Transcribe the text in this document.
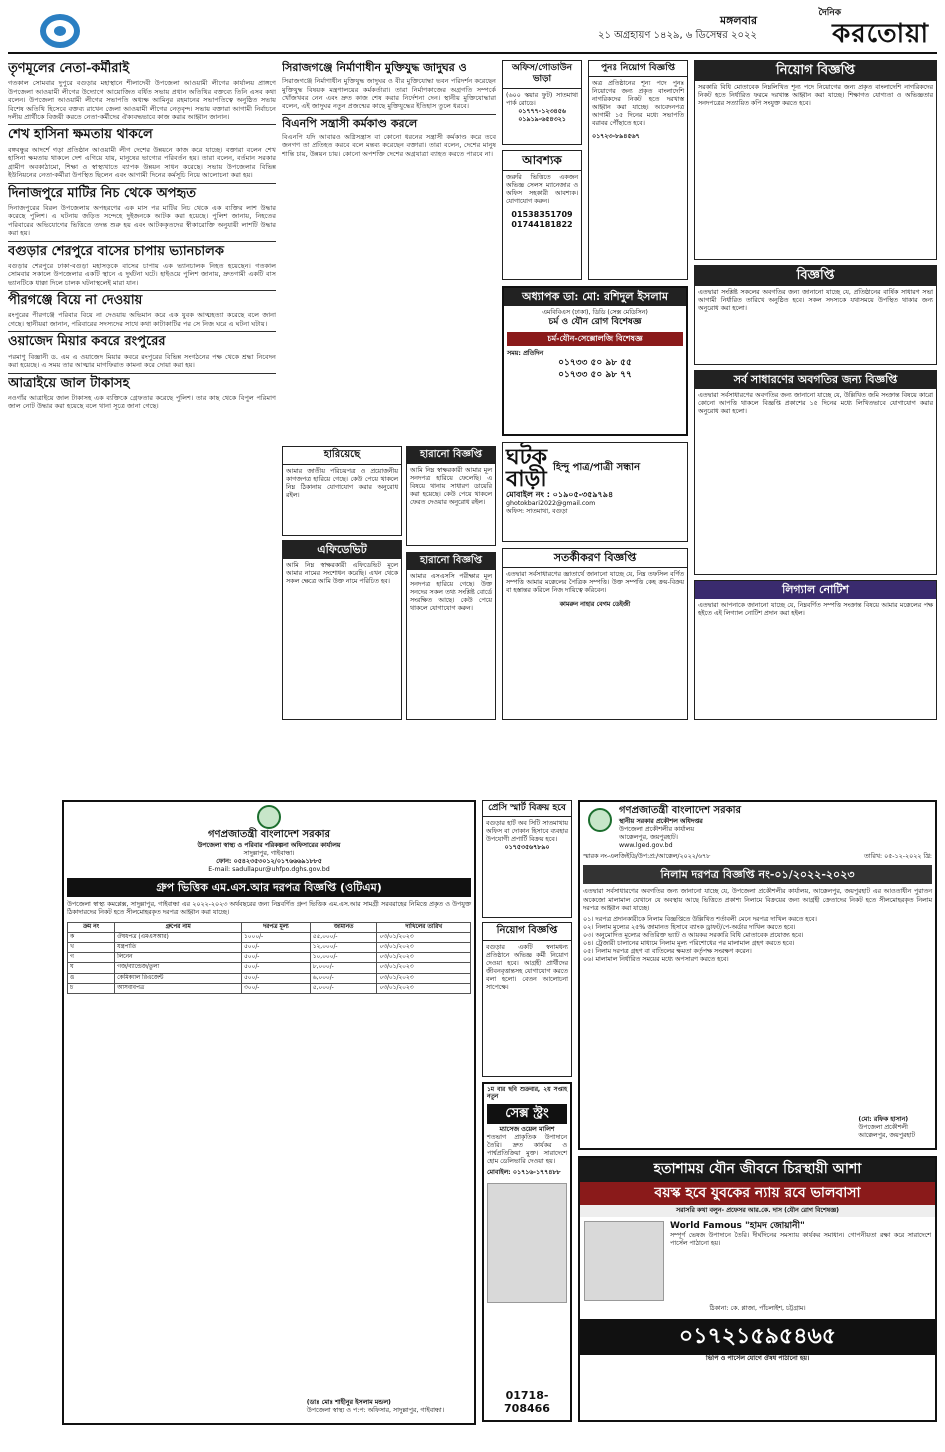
মঙ্গলবার
২১ অগ্রহায়ণ ১৪২৯, ৬ ডিসেম্বর ২০২২
দৈনিক
করতোয়া
তৃণমূলের নেতা-কর্মীরাই
গতকাল সোমবার দুপুরে বগুড়ার মহাস্থানে শীলাদেবী উপজেলা আওয়ামী লীগের কার্যালয় প্রাঙ্গণে উপজেলা আওয়ামী লীগের উদ্যোগে আয়োজিত বর্ধিত সভায় প্রধান অতিথির বক্তব্যে তিনি এসব কথা বলেন। উপজেলা আওয়ামী লীগের সভাপতি অধ্যক্ষ আমিনুর রহমানের সভাপতিত্বে অনুষ্ঠিত সভায় বিশেষ অতিথি হিসেবে বক্তব্য রাখেন জেলা আওয়ামী লীগের নেতৃবৃন্দ। সভায় বক্তারা আগামী নির্বাচনে দলীয় প্রার্থীকে বিজয়ী করতে নেতা-কর্মীদের ঐক্যবদ্ধভাবে কাজ করার আহ্বান জানান।
শেখ হাসিনা ক্ষমতায় থাকলে
বঙ্গবন্ধুর আদর্শে গড়া প্রতিষ্ঠান আওয়ামী লীগ দেশের উন্নয়নে কাজ করে যাচ্ছে। বক্তারা বলেন শেখ হাসিনা ক্ষমতায় থাকলে দেশ এগিয়ে যায়, মানুষের ভাগ্যের পরিবর্তন হয়। তারা বলেন, বর্তমান সরকার গ্রামীণ অবকাঠামো, শিক্ষা ও স্বাস্থ্যখাতে ব্যাপক উন্নয়ন সাধন করেছে। সভায় উপজেলার বিভিন্ন ইউনিয়নের নেতা-কর্মীরা উপস্থিত ছিলেন এবং আগামী দিনের কর্মসূচি নিয়ে আলোচনা করা হয়।
দিনাজপুরে মাটির নিচ থেকে অপহৃত
দিনাজপুরের বিরল উপজেলায় অপহরণের এক মাস পর মাটির নিচ থেকে এক ব্যক্তির লাশ উদ্ধার করেছে পুলিশ। এ ঘটনায় জড়িত সন্দেহে দুইজনকে আটক করা হয়েছে। পুলিশ জানায়, নিহতের পরিবারের অভিযোগের ভিত্তিতে তদন্ত শুরু হয় এবং আটককৃতদের স্বীকারোক্তি অনুযায়ী লাশটি উদ্ধার করা হয়।
বগুড়ার শেরপুরে বাসের চাপায় ভ্যানচালক
বগুড়ার শেরপুরে ঢাকা-বগুড়া মহাসড়কে বাসের চাপায় এক ভ্যানচালক নিহত হয়েছেন। গতকাল সোমবার সকালে উপজেলার একটি স্থানে এ দুর্ঘটনা ঘটে। হাইওয়ে পুলিশ জানায়, দ্রুতগামী একটি বাস ভ্যানটিকে ধাক্কা দিলে চালক ঘটনাস্থলেই মারা যান।
পীরগঞ্জে বিয়ে না দেওয়ায়
রংপুরের পীরগঞ্জে পরিবার বিয়ে না দেওয়ায় অভিমান করে এক যুবক আত্মহত্যা করেছে বলে জানা গেছে। স্থানীয়রা জানান, পরিবারের সদস্যদের সাথে কথা কাটাকাটির পর সে নিজ ঘরে এ ঘটনা ঘটায়।
ওয়াজেদ মিয়ার কবরে রংপুরের
পরমাণু বিজ্ঞানী ড. এম এ ওয়াজেদ মিয়ার কবরে রংপুরের বিভিন্ন সংগঠনের পক্ষ থেকে শ্রদ্ধা নিবেদন করা হয়েছে। এ সময় তার আত্মার মাগফিরাত কামনা করে দোয়া করা হয়।
আত্রাইয়ে জাল টাকাসহ
নওগাঁর আত্রাইয়ে জাল টাকাসহ এক ব্যক্তিকে গ্রেফতার করেছে পুলিশ। তার কাছ থেকে বিপুল পরিমাণ জাল নোট উদ্ধার করা হয়েছে বলে থানা সূত্রে জানা গেছে।
সিরাজগঞ্জে নির্মাণাধীন মুক্তিযুদ্ধ জাদুঘর ও
সিরাজগঞ্জে নির্মাণাধীন মুক্তিযুদ্ধ জাদুঘর ও বীর মুক্তিযোদ্ধা ভবন পরিদর্শন করেছেন মুক্তিযুদ্ধ বিষয়ক মন্ত্রণালয়ের কর্মকর্তারা। তারা নির্মাণকাজের অগ্রগতি সম্পর্কে খোঁজখবর নেন এবং দ্রুত কাজ শেষ করার নির্দেশনা দেন। স্থানীয় মুক্তিযোদ্ধারা বলেন, এই জাদুঘর নতুন প্রজন্মের কাছে মুক্তিযুদ্ধের ইতিহাস তুলে ধরবে।
বিএনপি সন্ত্রাসী কর্মকাণ্ড করলে
বিএনপি যদি আবারও অগ্নিসন্ত্রাস বা কোনো ধরনের সন্ত্রাসী কর্মকাণ্ড করে তবে জনগণ তা প্রতিহত করবে বলে মন্তব্য করেছেন বক্তারা। তারা বলেন, দেশের মানুষ শান্তি চায়, উন্নয়ন চায়। কোনো অপশক্তি দেশের অগ্রযাত্রা ব্যাহত করতে পারবে না।
অফিস/গোডাউন ভাড়া
(৬০০ স্কয়ার ফুট) সাতমাথা পার্ক রোডে।
০১৭৭৭-১২৩৪৫৬
০১৯১৯-৬৫৪৩২১
আবশ্যক
জরুরি ভিত্তিতে একজন অভিজ্ঞ সেলস ম্যানেজার ও অফিস সহকারী আবশ্যক। যোগাযোগ করুন।
01538351709
01744181822
পুনঃ নিয়োগ বিজ্ঞপ্তি
অত্র প্রতিষ্ঠানের শূন্য পদে পুনঃ নিয়োগের জন্য প্রকৃত বাংলাদেশি নাগরিকদের নিকট হতে দরখাস্ত আহ্বান করা যাচ্ছে। আবেদনপত্র আগামী ১৫ দিনের মধ্যে সভাপতি বরাবর পৌঁছাতে হবে।
০১৭২৩-৮৯৪৫৬৭
নিয়োগ বিজ্ঞপ্তি
সরকারি বিধি মোতাবেক নিম্নলিখিত শূন্য পদে নিয়োগের জন্য প্রকৃত বাংলাদেশি নাগরিকদের নিকট হতে নির্ধারিত ফরমে দরখাস্ত আহ্বান করা যাচ্ছে। শিক্ষাগত যোগ্যতা ও অভিজ্ঞতার সনদপত্রের সত্যায়িত কপি সংযুক্ত করতে হবে।
বিজ্ঞপ্তি
এতদ্বারা সংশ্লিষ্ট সকলের অবগতির জন্য জানানো যাচ্ছে যে, প্রতিষ্ঠানের বার্ষিক সাধারণ সভা আগামী নির্ধারিত তারিখে অনুষ্ঠিত হবে। সকল সদস্যকে যথাসময়ে উপস্থিত থাকার জন্য অনুরোধ করা হলো।
অধ্যাপক ডা: মো: রশিদুল ইসলাম
এমবিবিএস (ঢাকা), ডিডি (সেক্স মেডিসিন)
চর্ম ও যৌন রোগ বিশেষজ্ঞ
চর্ম-যৌন-সেক্সোলজি বিশেষজ্ঞ
সময়: প্রতিদিন
০১৭৩৩ ৫০ ৯৮ ৫৫
০১৭৩৩ ৫০ ৯৮ ৭৭	সর্ব সাধারণের অবগতির জন্য বিজ্ঞপ্তি
এতদ্বারা সর্বসাধারণের অবগতির জন্য জানানো যাচ্ছে যে, উল্লিখিত জমি সংক্রান্ত বিষয়ে কারো কোনো আপত্তি থাকলে বিজ্ঞপ্তি প্রকাশের ১৫ দিনের মধ্যে লিখিতভাবে যোগাযোগ করার অনুরোধ করা হলো।
ঘটক
বাড়ী হিন্দু পাত্র/পাত্রী সন্ধান
মোবাইল নং : ০১৯০৫-৩৫৯৭৯৪
ghotokbari2022@gmail.com
অফিস: সাতমাথা, বগুড়া
হারিয়েছে
আমার জাতীয় পরিচয়পত্র ও প্রয়োজনীয় কাগজপত্র হারিয়ে গেছে। কেউ পেয়ে থাকলে নিম্ন ঠিকানায় যোগাযোগ করার অনুরোধ রইল।
হারানো বিজ্ঞপ্তি
আমি নিম্ন স্বাক্ষরকারী আমার মূল সনদপত্র হারিয়ে ফেলেছি। এ বিষয়ে থানায় সাধারণ ডায়েরি করা হয়েছে। কেউ পেয়ে থাকলে ফেরত দেওয়ার অনুরোধ রইল।
এফিডেভিট
আমি নিম্ন স্বাক্ষরকারী এফিডেভিট মূলে আমার নামের সংশোধন করেছি। এখন থেকে সকল ক্ষেত্রে আমি উক্ত নামে পরিচিত হব।
হারানো বিজ্ঞপ্তি
আমার এসএসসি পরীক্ষার মূল সনদপত্র হারিয়ে গেছে। উক্ত সনদের সকল তথ্য সংশ্লিষ্ট বোর্ডে সংরক্ষিত আছে। কেউ পেয়ে থাকলে যোগাযোগ করুন।
সতর্কীকরণ বিজ্ঞপ্তি
এতদ্বারা সর্বসাধারণের জ্ঞাতার্থে জানানো যাচ্ছে যে, নিম্ন তফসিল বর্ণিত সম্পত্তি আমার মক্কেলের পৈত্রিক সম্পত্তি। উক্ত সম্পত্তি কেহ ক্রয়-বিক্রয় বা হস্তান্তর করিলে নিজ দায়িত্বে করিবেন।
কামরুন নাহার বেগম ডেইজী
লিগ্যাল নোটিশ
এতদ্বারা আপনাকে জানানো যাচ্ছে যে, নিম্নবর্ণিত সম্পত্তি সংক্রান্ত বিষয়ে আমার মক্কেলের পক্ষ হইতে এই লিগ্যাল নোটিশ প্রদান করা হইল।
গণপ্রজাতন্ত্রী বাংলাদেশ সরকার
উপজেলা স্বাস্থ্য ও পরিবার পরিকল্পনা অফিসারের কার্যালয়
সাদুল্লাপুর, গাইবান্ধা।
ফোন: ০৫৪২৩৫৩০১২/০১৭৬৬৬৯১৮৮৫
E-mail: sadullapur@uhfpo.dghs.gov.bd
গ্রুপ ভিত্তিক এম.এস.আর দরপত্র বিজ্ঞপ্তি (ওটিএম)
উপজেলা স্বাস্থ্য কমপ্লেক্স, সাদুল্লাপুর, গাইবান্ধা এর ২০২২-২০২৩ অর্থবছরের জন্য নিম্নবর্ণিত গ্রুপ ভিত্তিক এম.এস.আর সামগ্রী সরবরাহের নিমিত্তে প্রকৃত ও উপযুক্ত ঠিকাদারদের নিকট হতে সীলমোহরকৃত দরপত্র আহ্বান করা যাচ্ছে।
ক্রম নং	গ্রুপের নাম	দরপত্র মূল্য	জামানত	দাখিলের তারিখ
ক	ঔষধপত্র (এমএসআর)	১০০০/-	৫৫,০০০/-	০৩/০১/২০২৩
খ	যন্ত্রপাতি	৫০০/-	১২,০০০/-	০৩/০১/২০২৩
গ	লিনেন	৫০০/-	১০,০০০/-	০৩/০১/২০২৩
ঘ	গজ/ব্যান্ডেজ/তুলা	৫০০/-	৮,০০০/-	০৩/০১/২০২৩
ঙ	কেমিক্যাল রিএজেন্ট	৫০০/-	৬,০০০/-	০৩/০১/২০২৩
চ	আসবাবপত্র	৩০০/-	৫,০০০/-	০৩/০১/২০২৩
(ডাঃ মোঃ শাহীনুর ইসলাম মন্ডল)
উপজেলা স্বাস্থ্য ও প:প: অফিসার, সাদুল্লাপুর, গাইবান্ধা।
প্রেসি স্মার্ট বিক্রয় হবে
বগুড়ার হার্ট অব সিটি সাতমাথায় অফিস বা দোকান হিসাবে ব্যবহার উপযোগী প্রপার্টি বিক্রয় হবে।
০১৭৫৩৫৬৭৮৯০
নিয়োগ বিজ্ঞপ্তি
বগুড়ার একটি স্বনামধন্য প্রতিষ্ঠানে অভিজ্ঞ কর্মী নিয়োগ দেওয়া হবে। আগ্রহী প্রার্থীদের জীবনবৃত্তান্তসহ যোগাযোগ করতে বলা হলো। বেতন আলোচনা সাপেক্ষে।
১ম বার ছবি শুক্রবার, ২য় সপ্তাহ নতুন
সেক্স স্ট্রং
ম্যাসেজ ওয়েল মালিশ
শতভাগ প্রাকৃতিক উপাদানে তৈরি। দ্রুত কার্যকর ও পার্শ্বপ্রতিক্রিয়া মুক্ত। সারাদেশে হোম ডেলিভারি দেওয়া হয়।
মোবাইল: ০১৭১৬-১৭৭৪৮৮
01718-708466
গণপ্রজাতন্ত্রী বাংলাদেশ সরকার
স্থানীয় সরকার প্রকৌশল অধিদপ্তর
উপজেলা প্রকৌশলীর কার্যালয়
আক্কেলপুর, জয়পুরহাট।
www.lged.gov.bd
স্মারক নং-এলজিইডি/উপ:প্র:/আক্কেল/২০২২/৬৭৮	তারিখ: ০৫-১২-২০২২ খ্রি:
নিলাম দরপত্র বিজ্ঞপ্তি নং-০১/২০২২-২০২৩
এতদ্বারা সর্বসাধারণের অবগতির জন্য জানানো যাচ্ছে যে, উপজেলা প্রকৌশলীর কার্যালয়, আক্কেলপুর, জয়পুরহাট এর আওতাধীন পুরাতন অকেজো মালামাল যেখানে যে অবস্থায় আছে ভিত্তিতে প্রকাশ্য নিলামে বিক্রয়ের জন্য আগ্রহী ক্রেতাদের নিকট হতে সীলমোহরকৃত নিলাম দরপত্র আহ্বান করা যাচ্ছে।
০১। দরপত্র প্রদানকারীকে নিলাম বিজ্ঞপ্তিতে উল্লিখিত শর্তাবলী মেনে দরপত্র দাখিল করতে হবে।
০২। নিলাম মূল্যের ২৫% জামানত হিসাবে ব্যাংক ড্রাফট/পে-অর্ডার দাখিল করতে হবে।
০৩। অনুমোদিত মূল্যের অতিরিক্ত ভ্যাট ও আয়কর সরকারি বিধি মোতাবেক প্রযোজ্য হবে।
০৪। ট্রেজারী চালানের মাধ্যমে নিলাম মূল্য পরিশোধের পর মালামাল গ্রহণ করতে হবে।
০৫। নিলাম দরপত্র গ্রহণ বা বাতিলের ক্ষমতা কর্তৃপক্ষ সংরক্ষণ করেন।
০৬। মালামাল নির্ধারিত সময়ের মধ্যে অপসারণ করতে হবে।
(মো: রফিক হাসান)
উপজেলা প্রকৌশলী
আক্কেলপুর, জয়পুরহাট
হতাশাময় যৌন জীবনে চিরস্থায়ী আশা
বয়স্ক হবে যুবকের ন্যায় রবে ভালবাসা
সরাসরি কথা বলুন- প্রফেসর আর.কে. দাস (যৌন রোগ বিশেষজ্ঞ)
World Famous "হামদ জোয়ানী"
সম্পূর্ণ ভেষজ উপাদানে তৈরি। দীর্ঘদিনের সমস্যায় কার্যকর সমাধান। গোপনীয়তা রক্ষা করে সারাদেশে পার্সেল পাঠানো হয়।
ঠিকানা: কে. প্লাজা, পাঁচলাইশ, চট্টগ্রাম।
০১৭২১৫৯৫৪৬৫
ভিপি ও পার্সেল যোগে ঔষধ পাঠানো হয়।
